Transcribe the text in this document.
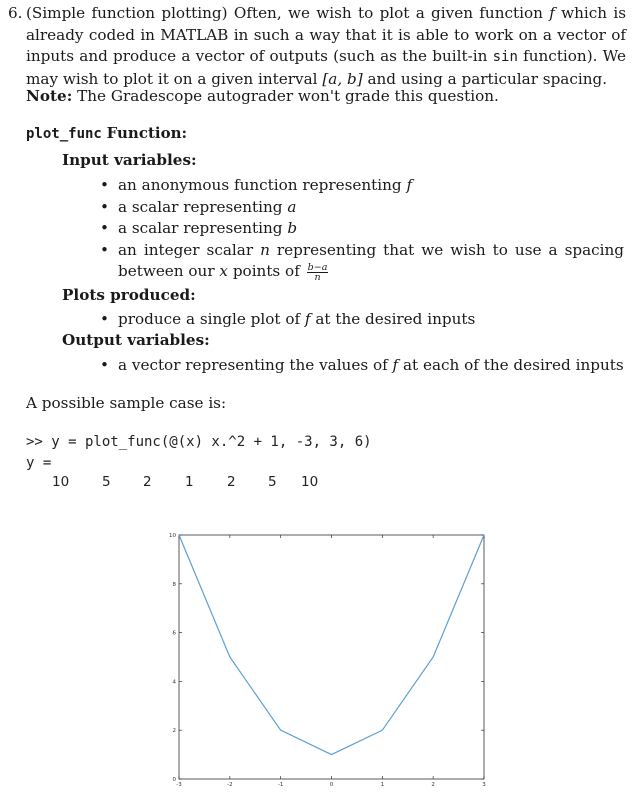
6. (Simple function plotting) Often, we wish to plot a given function f which is already coded in MATLAB in such a way that it is able to work on a vector of inputs and produce a vector of outputs (such as the built-in sin function). We may wish to plot it on a given interval [a, b] and using a particular spacing.
Note: The Gradescope autograder won't grade this question.
plot_func Function:
Input variables:
• an anonymous function representing f
• a scalar representing a
• a scalar representing b
• an integer scalar n representing that we wish to use a spacing between our x points of $\frac{b-a}{n}$
Plots produced:
• produce a single plot of f at the desired inputs
Output variables:
• a vector representing the values of f at each of the desired inputs
A possible sample case is:
>> y = plot_func(@(x) x.^2 + 1, -3, 3, 6)
y =
10 5 2 1 2 5 10
0
2
4
6
8
10
-3	-2	-1	0	1	2	3
